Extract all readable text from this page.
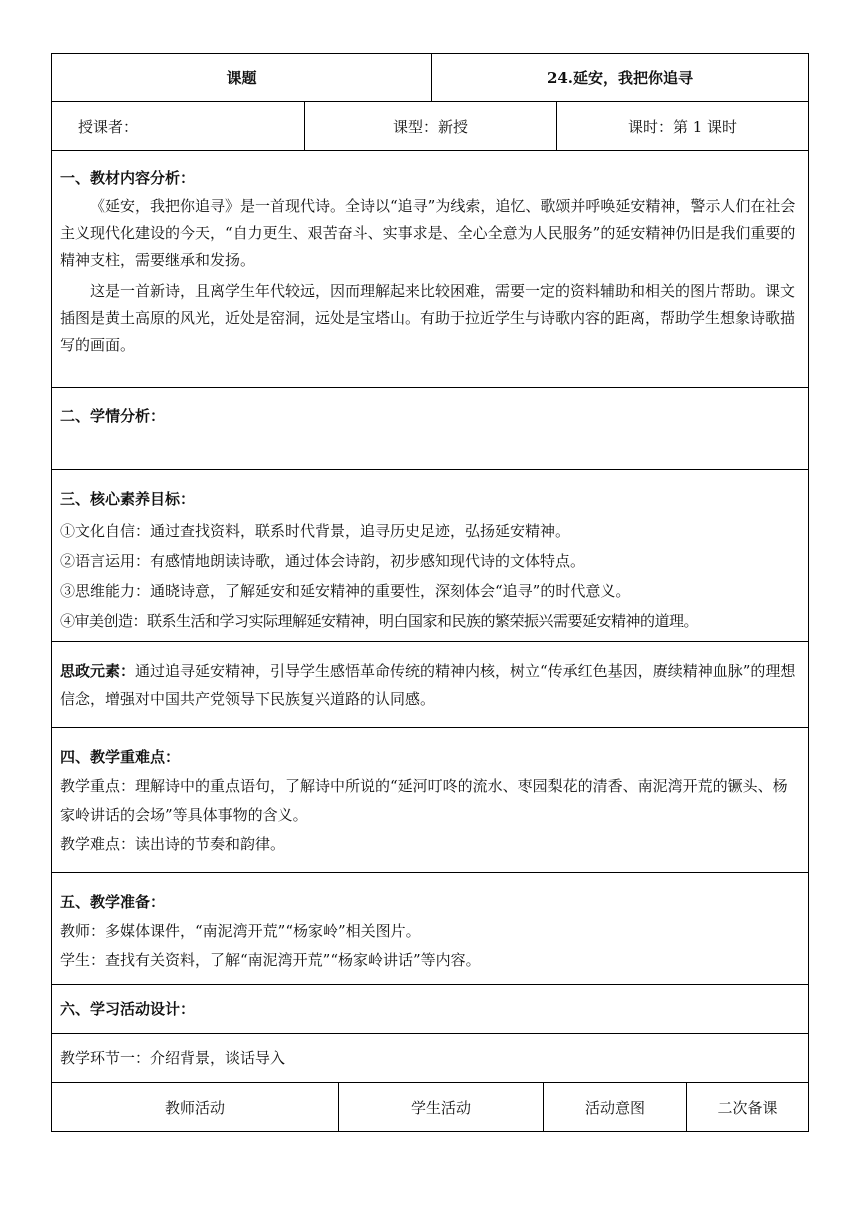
课题	24.延安，我把你追寻
授课者：	课型：新授	课时：第 1 课时

一、教材内容分析：

《延安，我把你追寻》是一首现代诗。全诗以“追寻”为线索，追忆、歌颂并呼唤延安精神，警示人们在社会主义现代化建设的今天，“自力更生、艰苦奋斗、实事求是、全心全意为人民服务”的延安精神仍旧是我们重要的精神支柱，需要继承和发扬。

这是一首新诗，且离学生年代较远，因而理解起来比较困难，需要一定的资料辅助和相关的图片帮助。课文插图是黄土高原的风光，近处是窑洞，远处是宝塔山。有助于拉近学生与诗歌内容的距离，帮助学生想象诗歌描写的画面。

二、学情分析：

三、核心素养目标：

①文化自信：通过查找资料，联系时代背景，追寻历史足迹，弘扬延安精神。

②语言运用：有感情地朗读诗歌，通过体会诗韵，初步感知现代诗的文体特点。

③思维能力：通晓诗意，了解延安和延安精神的重要性，深刻体会“追寻”的时代意义。

④审美创造：联系生活和学习实际理解延安精神，明白国家和民族的繁荣振兴需要延安精神的道理。

思政元素：通过追寻延安精神，引导学生感悟革命传统的精神内核，树立“传承红色基因，赓续精神血脉”的理想信念，增强对中国共产党领导下民族复兴道路的认同感。

四、教学重难点：

教学重点：理解诗中的重点语句，了解诗中所说的“延河叮咚的流水、枣园梨花的清香、南泥湾开荒的镢头、杨家岭讲话的会场”等具体事物的含义。

教学难点：读出诗的节奏和韵律。

五、教学准备：

教师：多媒体课件，“南泥湾开荒”“杨家岭”相关图片。

学生：查找有关资料，了解“南泥湾开荒”“杨家岭讲话”等内容。

六、学习活动设计：

教学环节一：介绍背景，谈话导入

教师活动	学生活动	活动意图	二次备课
